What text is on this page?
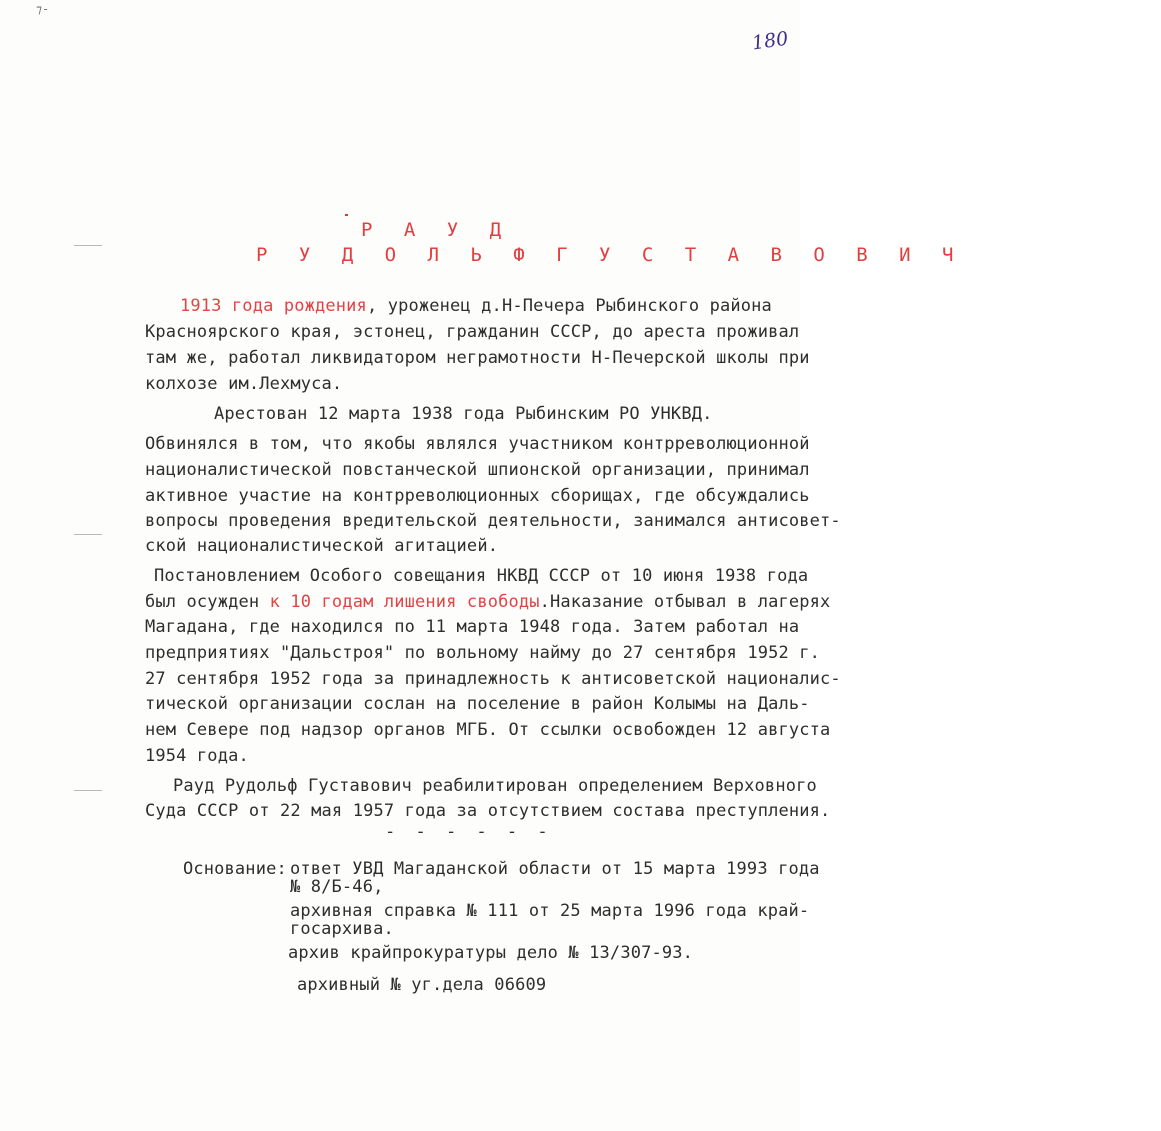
⁊-
180
Р А У Д
Р У Д О Л Ь Ф Г У С Т А В О В И Ч
1913 года рождения, уроженец д.Н-Печера Рыбинского района
Красноярского края, эстонец, гражданин СССР, до ареста проживал
там же, работал ликвидатором неграмотности Н-Печерской школы при
колхозе им.Лехмуса.
Арестован 12 марта 1938 года Рыбинским РО УНКВД.
Обвинялся в том, что якобы являлся участником контрреволюционной
националистической повстанческой шпионской организации, принимал
активное участие на контрреволюционных сборищах, где обсуждались
вопросы проведения вредительской деятельности, занимался антисовет-
ской националистической агитацией.
Постановлением Особого совещания НКВД СССР от 10 июня 1938 года
был осужден к 10 годам лишения свободы.Наказание отбывал в лагерях
Магадана, где находился по 11 марта 1948 года. Затем работал на
предприятиях "Дальстроя" по вольному найму до 27 сентября 1952 г.
27 сентября 1952 года за принадлежность к антисоветской националис-
тической организации сослан на поселение в район Колымы на Даль-
нем Севере под надзор органов МГБ. От ссылки освобожден 12 августа
1954 года.
Рауд Рудольф Густавович реабилитирован определением Верховного
Суда СССР от 22 мая 1957 года за отсутствием состава преступления.
- - - - - -
Основание: ответ УВД Магаданской области от 15 марта 1993 года
№ 8/Б-46,
архивная справка № 111 от 25 марта 1996 года край-
госархива.
архив крайпрокуратуры дело № 13/307-93.
архивный № уг.дела 06609
